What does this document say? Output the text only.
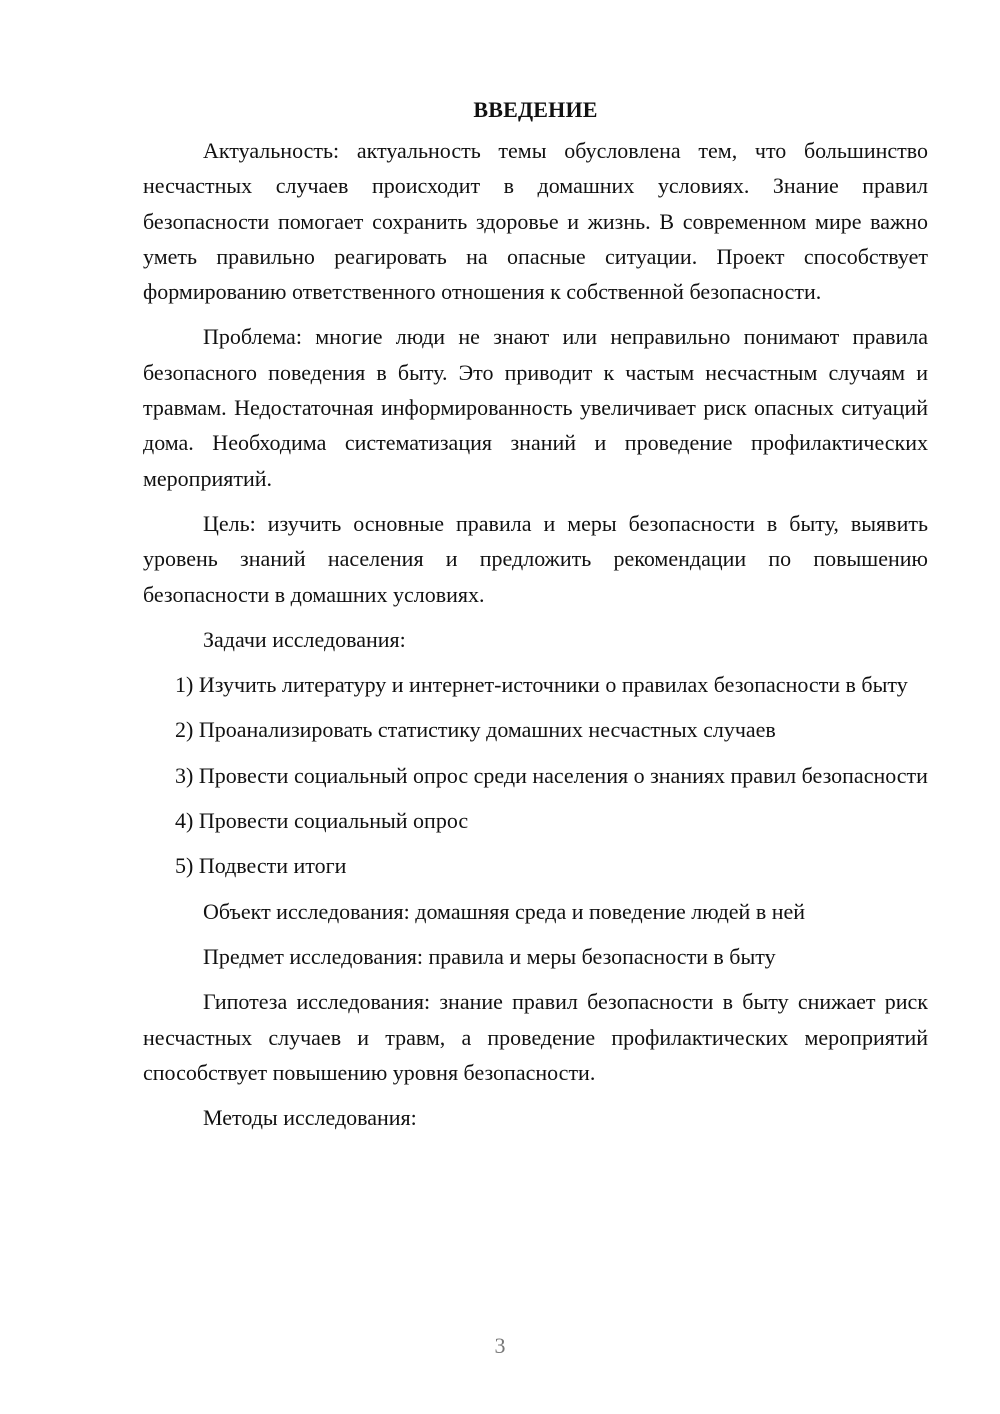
ВВЕДЕНИЕ

Актуальность: актуальность темы обусловлена тем, что большинство несчастных случаев происходит в домашних условиях. Знание правил безопасности помогает сохранить здоровье и жизнь. В современном мире важно уметь правильно реагировать на опасные ситуации. Проект способствует формированию ответственного отношения к собственной безопасности.

Проблема: многие люди не знают или неправильно понимают правила безопасного поведения в быту. Это приводит к частым несчастным случаям и травмам. Недостаточная информированность увеличивает риск опасных ситуаций дома. Необходима систематизация знаний и проведение профилактических мероприятий.

Цель: изучить основные правила и меры безопасности в быту, выявить уровень знаний населения и предложить рекомендации по повышению безопасности в домашних условиях.

Задачи исследования:

1) Изучить литературу и интернет-источники о правилах безопасности в быту

2) Проанализировать статистику домашних несчастных случаев

3) Провести социальный опрос среди населения о знаниях правил безопасности

4) Провести социальный опрос

5) Подвести итоги

Объект исследования: домашняя среда и поведение людей в ней

Предмет исследования: правила и меры безопасности в быту

Гипотеза исследования: знание правил безопасности в быту снижает риск несчастных случаев и травм, а проведение профилактических мероприятий способствует повышению уровня безопасности.

Методы исследования:

3
